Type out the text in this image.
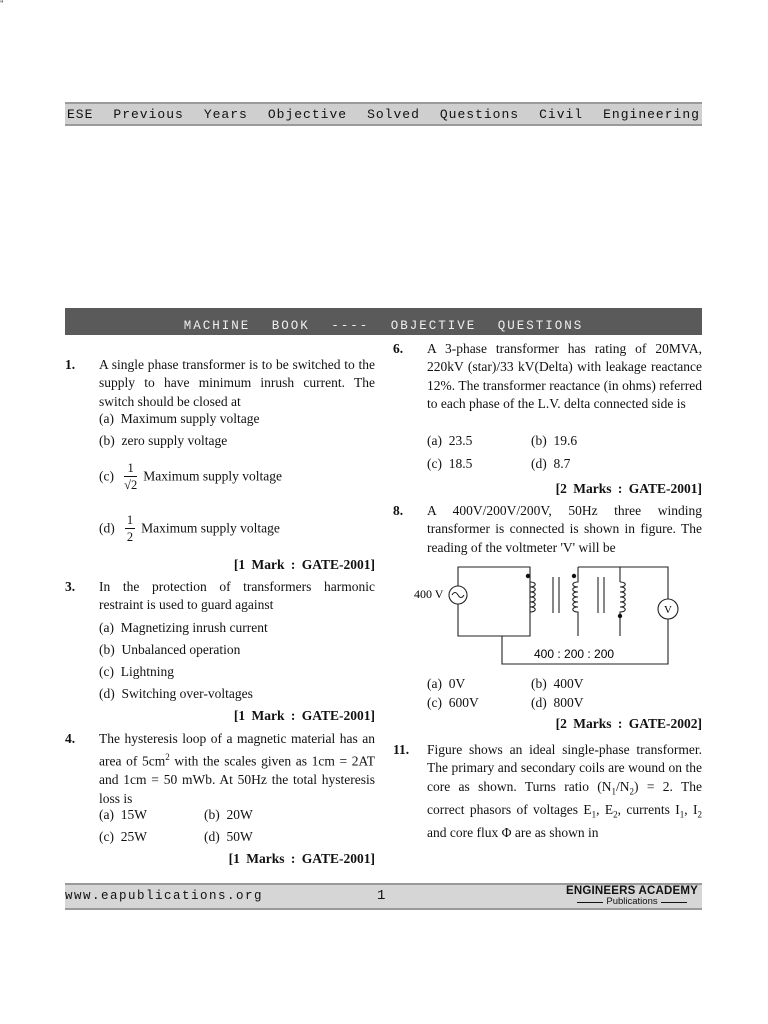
"
ESE Previous Years Objective Solved Questions Civil Engineering
MACHINE BOOK ---- OBJECTIVE QUESTIONS
1. A single phase transformer is to be switched to the supply to have minimum inrush current. The switch should be closed at
(a) Maximum supply voltage
(b) zero supply voltage
$(c) \frac{1}{√2}$ Maximum supply voltage
$(d) \frac{1}{2}$ Maximum supply voltage
[1 Mark : GATE-2001]
3. In the protection of transformers harmonic restraint is used to guard against
(a) Magnetizing inrush current
(b) Unbalanced operation
(c) Lightning
(d) Switching over-voltages
[1 Mark : GATE-2001]
4. The hysteresis loop of a magnetic material has an area of $5cm^2$ with the scales given as 1cm = 2AT and 1cm = 50 mWb. At 50Hz the total hysteresis loss is
(a) 15W	(b) 20W
(c) 25W	(d) 50W
[1 Marks : GATE-2001]
6. A 3-phase transformer has rating of 20MVA, 220kV (star)/33 kV(Delta) with leakage reactance 12%. The transformer reactance (in ohms) referred to each phase of the L.V. delta connected side is
(a) 23.5	(b) 19.6
(c) 18.5	(d) 8.7
[2 Marks : GATE-2001]
8. A 400V/200V/200V, 50Hz three winding transformer is connected is shown in figure. The reading of the voltmeter 'V' will be
400 V
V
400 : 200 : 200
(a) 0V	(b) 400V
(c) 600V	(d) 800V
[2 Marks : GATE-2002]
11. Figure shows an ideal single-phase transformer. The primary and secondary coils are wound on the core as shown. Turns ratio $(N_1/N_2) = 2$. The correct phasors of voltages $E_1$, $E_2$, currents $I_1$, $I_2$ and core flux Φ are as shown in
www.eapublications.org	1	ENGINEERS ACADEMY
Publications
